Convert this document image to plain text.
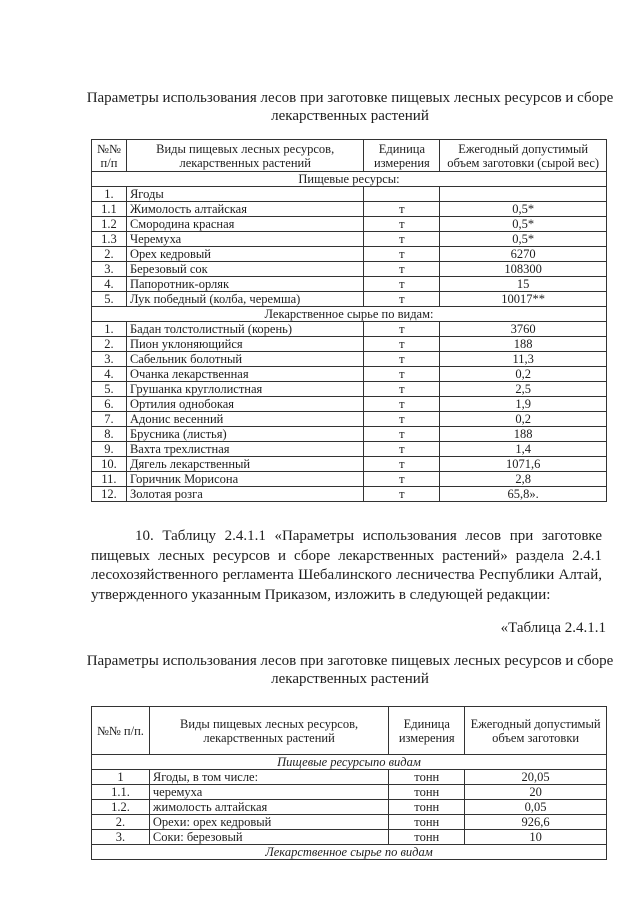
Параметры использования лесов при заготовке пищевых лесных ресурсов и сборе лекарственных растений
№№ п/п	Виды пищевых лесных ресурсов, лекарственных растений	Единица измерения	Ежегодный допустимый объем заготовки (сырой вес)
Пищевые ресурсы:			
1.	Ягоды		
1.1	Жимолость алтайская	т	0,5*
1.2	Смородина красная	т	0,5*
1.3	Черемуха	т	0,5*
2.	Орех кедровый	т	6270
3.	Березовый сок	т	108300
4.	Папоротник-орляк	т	15
5.	Лук победный (колба, черемша)	т	10017**
Лекарственное сырье по видам:			
1.	Бадан толстолистный (корень)	т	3760
2.	Пион уклоняющийся	т	188
3.	Сабельник болотный	т	11,3
4.	Очанка лекарственная	т	0,2
5.	Грушанка круглолистная	т	2,5
6.	Ортилия однобокая	т	1,9
7.	Адонис весенний	т	0,2
8.	Брусника (листья)	т	188
9.	Вахта трехлистная	т	1,4
10.	Дягель лекарственный	т	1071,6
11.	Горичник Морисона	т	2,8
12.	Золотая розга	т	65,8».
10. Таблицу 2.4.1.1 «Параметры использования лесов при заготовке пищевых лесных ресурсов и сборе лекарственных растений» раздела 2.4.1 лесохозяйственного регламента Шебалинского лесничества Республики Алтай, утвержденного указанным Приказом, изложить в следующей редакции:
«Таблица 2.4.1.1
Параметры использования лесов при заготовке пищевых лесных ресурсов и сборе лекарственных растений
№№ п/п.	Виды пищевых лесных ресурсов, лекарственных растений	Единица измерения	Ежегодный допустимый объем заготовки
Пищевые ресурсыпо видам			
1	Ягоды, в том числе:	тонн	20,05
1.1.	черемуха	тонн	20
1.2.	жимолость алтайская	тонн	0,05
2.	Орехи: орех кедровый	тонн	926,6
3.	Соки: березовый	тонн	10
Лекарственное сырье по видам			
